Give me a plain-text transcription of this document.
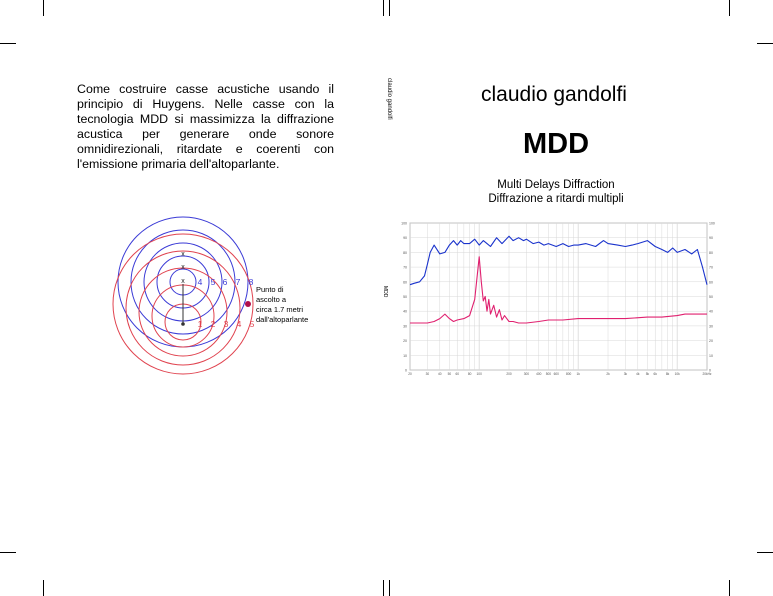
Come costruire casse acustiche usando il principio di Huygens. Nelle casse con la tecnologia MDD si massimizza la diffrazione acustica per generare onde sonore omnidirezionali, ritardate e coerenti con l'emissione primaria dell'altoparlante.

x
x
x 4 5 6 7 8
1 2 3 4 5
Punto di
ascolto a
circa 1.7 metri
dall'altoparlante
claudio gandolfi	claudio gandolfi
MDD
Multi Delays Diffraction
Diffrazione a ritardi multipli
100	100
90	90
80	80
70	70
60	60
50	50
40	40
30	30
20	20
10	10
0	0
20	30	40 50 60	80 100	200	300 400 500 600 800 1k	2k	3k	4k 5k 6k	8k 10k	20kHz
MDD
